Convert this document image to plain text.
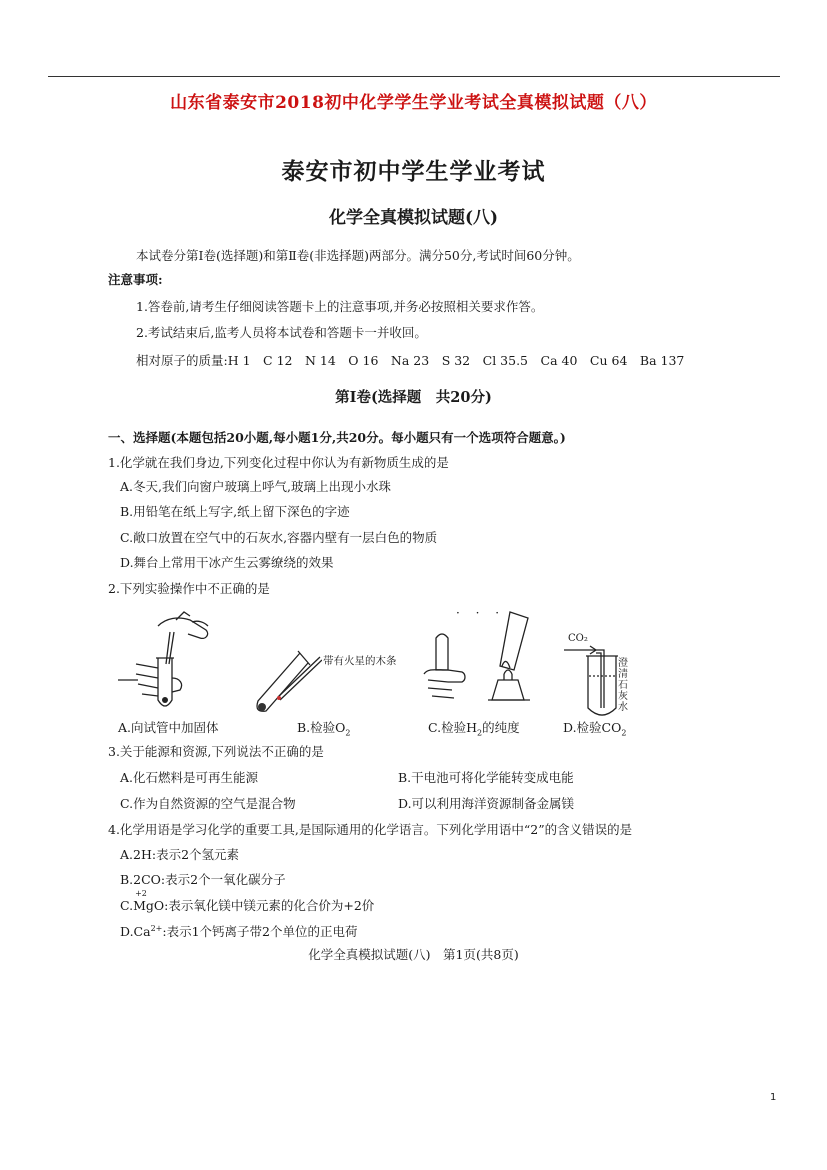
山东省泰安市2018初中化学学生学业考试全真模拟试题（八）
泰安市初中学生学业考试
化学全真模拟试题(八)
本试卷分第Ⅰ卷(选择题)和第Ⅱ卷(非选择题)两部分。满分50分,考试时间60分钟。
注意事项:
1.答卷前,请考生仔细阅读答题卡上的注意事项,并务必按照相关要求作答。
2.考试结束后,监考人员将本试卷和答题卡一并收回。
相对原子的质量:H 1　C 12　N 14　O 16　Na 23　S 32　Cl 35.5　Ca 40　Cu 64　Ba 137
第Ⅰ卷(选择题　共20分)
一、选择题(本题包括20小题,每小题1分,共20分。每小题只有一个选项符合题意。)
1.化学就在我们身边,下列变化过程中你认为有新物质生成的是
A.冬天,我们向窗户玻璃上呼气,玻璃上出现小水珠
B.用铅笔在纸上写字,纸上留下深色的字迹
C.敞口放置在空气中的石灰水,容器内壁有一层白色的物质
D.舞台上常用干冰产生云雾缭绕的效果
2.下列实验操作中不正确的是
A.向试管中加固体
带有火星的木条
B.检验$O_2$
· · ·
C.检验$H_2$的纯度
CO₂
澄
清
石
灰
水
D.检验$CO_2$
3.关于能源和资源,下列说法不正确的是
A.化石燃料是可再生能源	B.干电池可将化学能转变成电能
C.作为自然资源的空气是混合物	D.可以利用海洋资源制备金属镁
4.化学用语是学习化学的重要工具,是国际通用的化学语言。下列化学用语中“2”的含义错误的是
A.2H:表示2个氢元素
B.2CO:表示2个一氧化碳分子
C.
+2
MgO:表示氧化镁中镁元素的化合价为+2价
$D.Ca^{2+}$:表示1个钙离子带2个单位的正电荷
化学全真模拟试题(八)　第1页(共8页)
1
